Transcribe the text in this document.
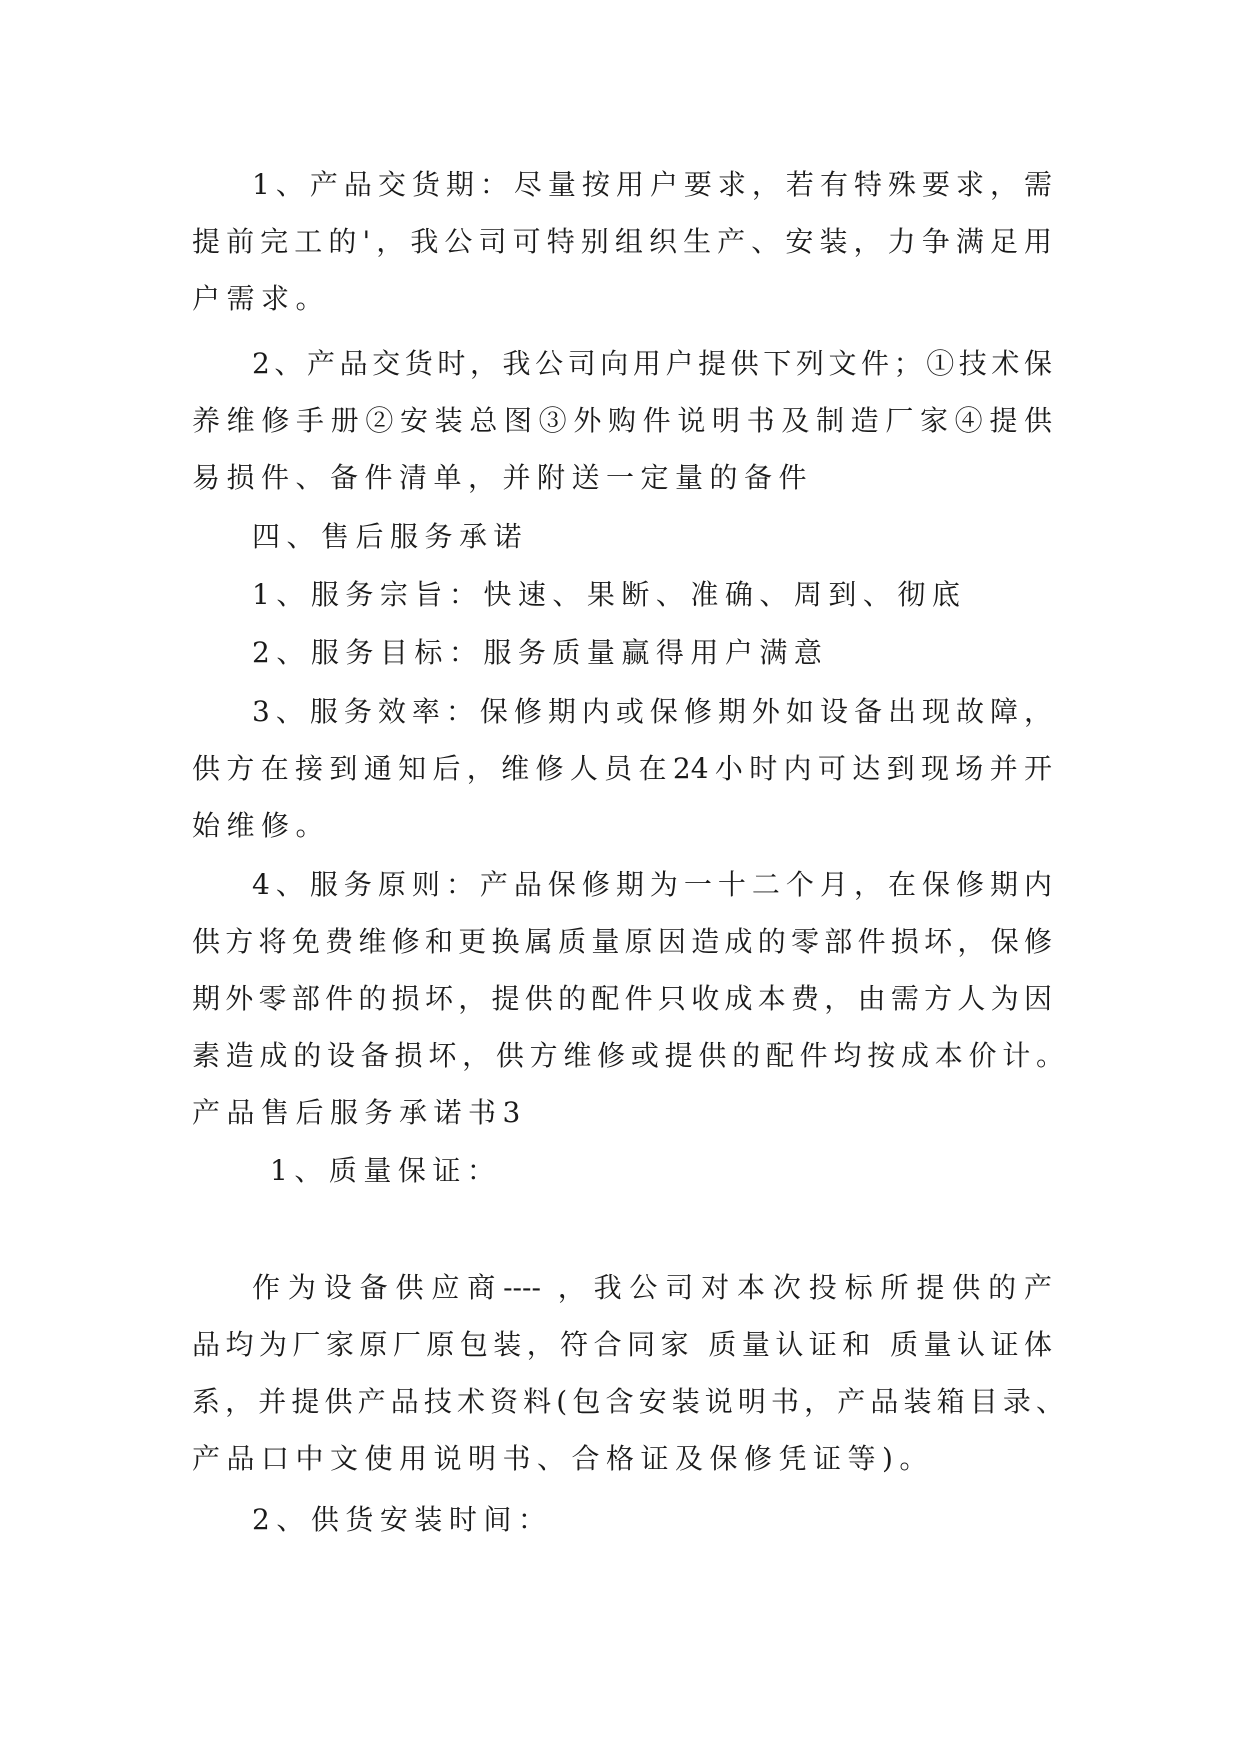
1、产品交货期：尽量按用户要求，若有特殊要求，需

提前完工的'，我公司可特别组织生产、安装，力争满足用

户需求。

2、产品交货时，我公司向用户提供下列文件；①技术保

养维修手册②安装总图③外购件说明书及制造厂家④提供

易损件、备件清单，并附送一定量的备件

四、售后服务承诺

1、服务宗旨：快速、果断、准确、周到、彻底

2、服务目标：服务质量赢得用户满意

3、服务效率：保修期内或保修期外如设备出现故障，

供方在接到通知后，维修人员在24小时内可达到现场并开

始维修。

4、服务原则：产品保修期为一十二个月，在保修期内

供方将免费维修和更换属质量原因造成的零部件损坏，保修

期外零部件的损坏，提供的配件只收成本费，由需方人为因

素造成的设备损坏，供方维修或提供的配件均按成本价计。

产品售后服务承诺书3

1、质量保证：

作为设备供应商---- ，我公司对本次投标所提供的产

品均为厂家原厂原包装，符合同家 质量认证和 质量认证体

系，并提供产品技术资料(包含安装说明书，产品装箱目录、

产品口中文使用说明书、合格证及保修凭证等)。

2、供货安装时间：
